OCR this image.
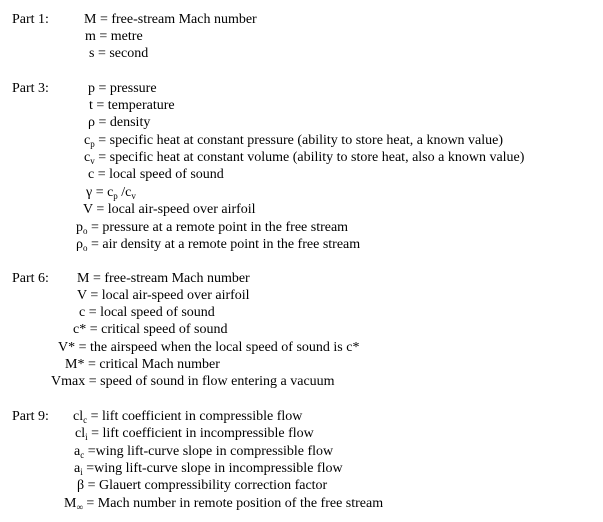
Part 1:	M = free-stream Mach number
m = metre
s = second
Part 3:	p = pressure
t = temperature
ρ = density
$c_p$ = specific heat at constant pressure (ability to store heat, a known value)
$c_v$ = specific heat at constant volume (ability to store heat, also a known value)
c = local speed of sound
$\gamma = c_p$ $/c_v$
V = local air-speed over airfoil
$p_o$ = pressure at a remote point in the free stream
$\rho_o$ = air density at a remote point in the free stream
Part 6: M = free-stream Mach number
V = local air-speed over airfoil
c = local speed of sound
c* = critical speed of sound
V* = the airspeed when the local speed of sound is c*
M* = critical Mach number
Vmax = speed of sound in flow entering a vacuum
Part 9: $cl_c$ = lift coefficient in compressible flow
$cl_i$ = lift coefficient in incompressible flow
$a_c$ =wing lift-curve slope in compressible flow
$a_i$ =wing lift-curve slope in incompressible flow
β = Glauert compressibility correction factor
$M_\infty$ = Mach number in remote position of the free stream
